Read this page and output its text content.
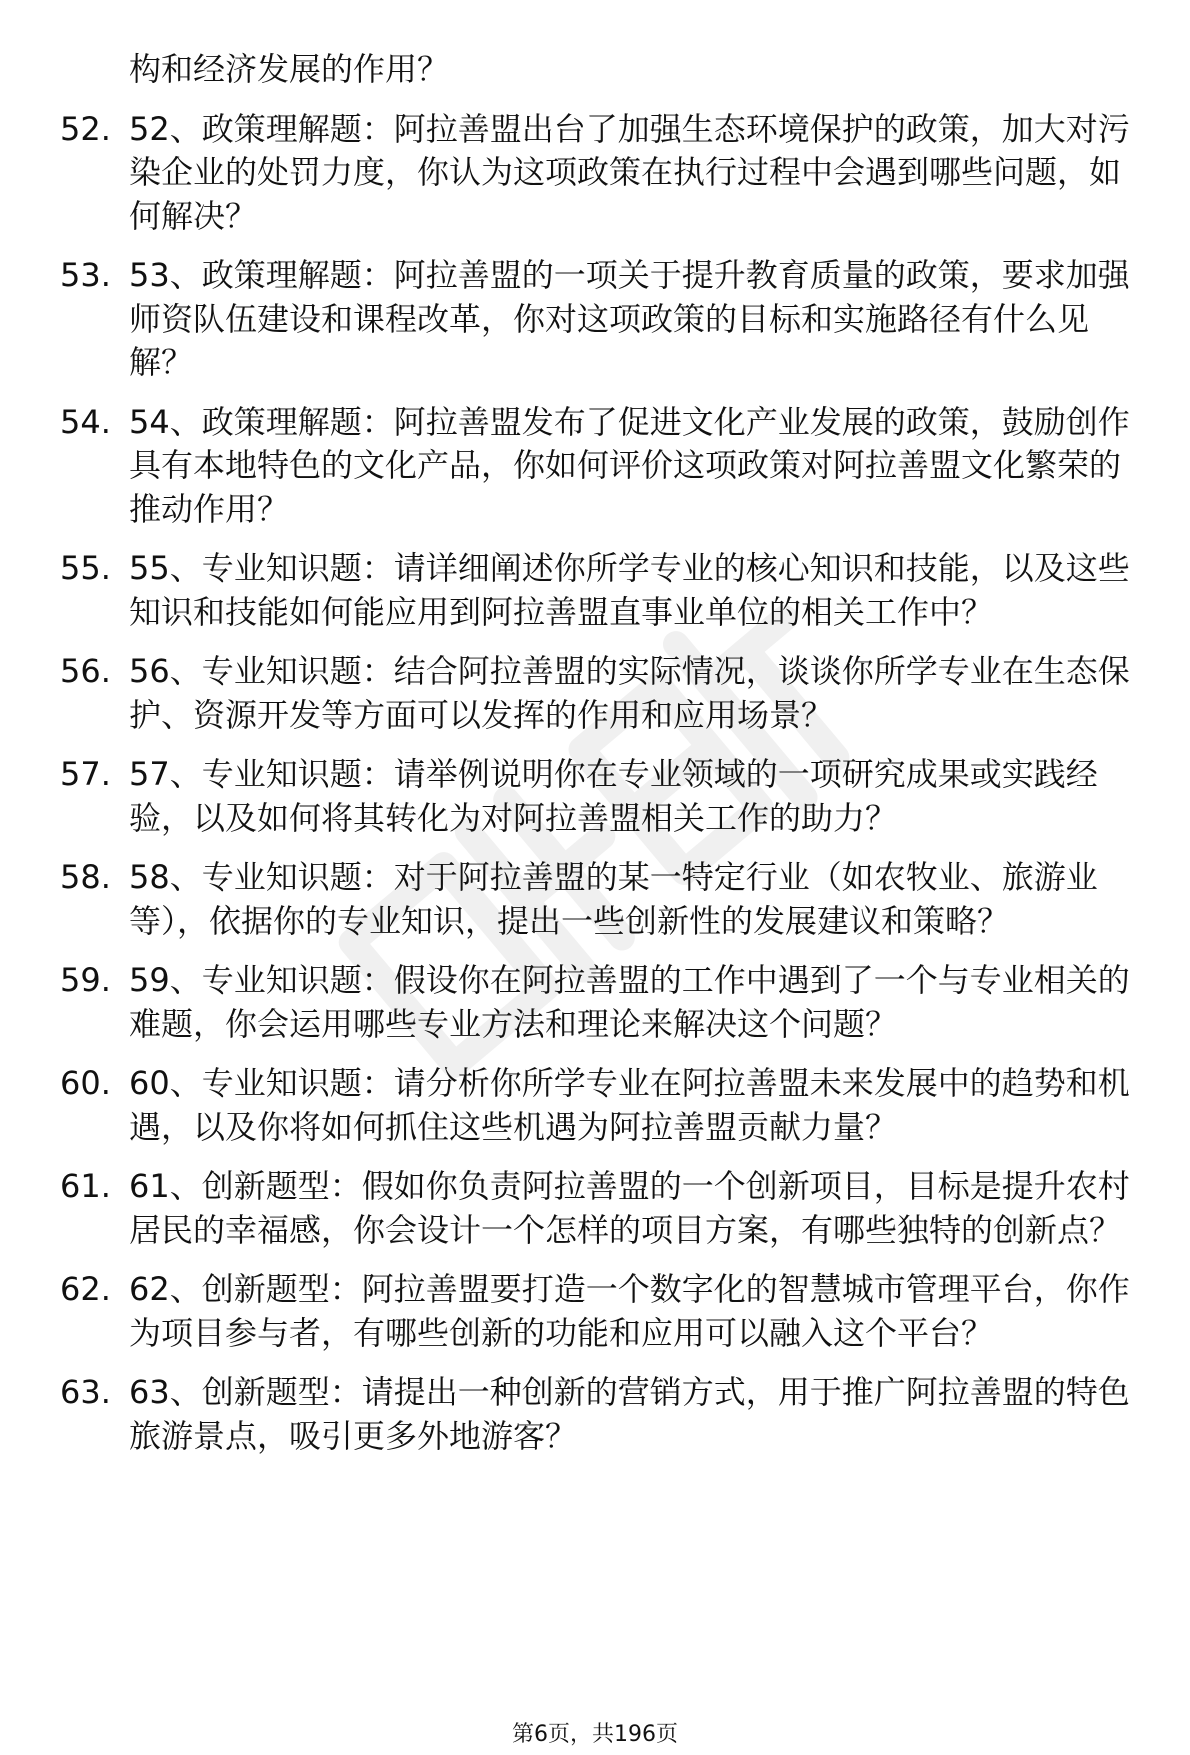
构和经济发展的作用？
52. 52、政策理解题：阿拉善盟出台了加强生态环境保护的政策，加大对污染企业的处罚力度，你认为这项政策在执行过程中会遇到哪些问题，如何解决？
53. 53、政策理解题：阿拉善盟的一项关于提升教育质量的政策，要求加强师资队伍建设和课程改革，你对这项政策的目标和实施路径有什么见解？
54. 54、政策理解题：阿拉善盟发布了促进文化产业发展的政策，鼓励创作具有本地特色的文化产品，你如何评价这项政策对阿拉善盟文化繁荣的推动作用？
55. 55、专业知识题：请详细阐述你所学专业的核心知识和技能，以及这些知识和技能如何能应用到阿拉善盟直事业单位的相关工作中？
56. 56、专业知识题：结合阿拉善盟的实际情况，谈谈你所学专业在生态保护、资源开发等方面可以发挥的作用和应用场景？
57. 57、专业知识题：请举例说明你在专业领域的一项研究成果或实践经验，以及如何将其转化为对阿拉善盟相关工作的助力？
58. 58、专业知识题：对于阿拉善盟的某一特定行业（如农牧业、旅游业等），依据你的专业知识，提出一些创新性的发展建议和策略？
59. 59、专业知识题：假设你在阿拉善盟的工作中遇到了一个与专业相关的难题，你会运用哪些专业方法和理论来解决这个问题？
60. 60、专业知识题：请分析你所学专业在阿拉善盟未来发展中的趋势和机遇，以及你将如何抓住这些机遇为阿拉善盟贡献力量？
61. 61、创新题型：假如你负责阿拉善盟的一个创新项目，目标是提升农村居民的幸福感，你会设计一个怎样的项目方案，有哪些独特的创新点？
62. 62、创新题型：阿拉善盟要打造一个数字化的智慧城市管理平台，你作为项目参与者，有哪些创新的功能和应用可以融入这个平台？
63. 63、创新题型：请提出一种创新的营销方式，用于推广阿拉善盟的特色旅游景点，吸引更多外地游客？
第6页，共196页
